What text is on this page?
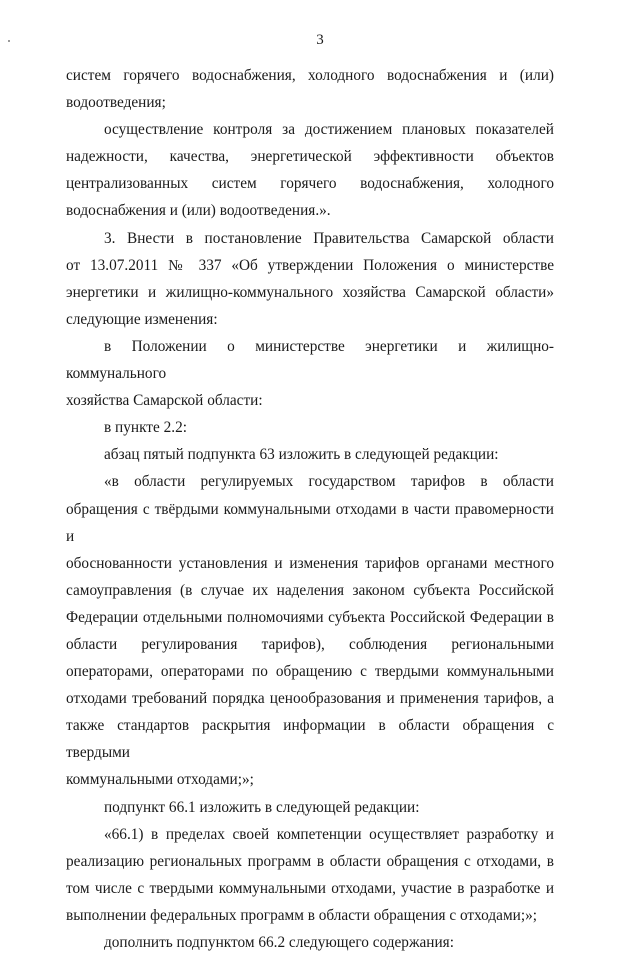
3
систем горячего водоснабжения, холодного водоснабжения и (или)
водоотведения;
осуществление контроля за достижением плановых показателей
надежности, качества, энергетической эффективности объектов
централизованных систем горячего водоснабжения, холодного
водоснабжения и (или) водоотведения.».
3. Внести в постановление Правительства Самарской области
от 13.07.2011 № 337 «Об утверждении Положения о министерстве
энергетики и жилищно-коммунального хозяйства Самарской области»
следующие изменения:
в Положении о министерстве энергетики и жилищно-коммунального
хозяйства Самарской области:
в пункте 2.2:
абзац пятый подпункта 63 изложить в следующей редакции:
«в области регулируемых государством тарифов в области
обращения с твёрдыми коммунальными отходами в части правомерности и
обоснованности установления и изменения тарифов органами местного
самоуправления (в случае их наделения законом субъекта Российской
Федерации отдельными полномочиями субъекта Российской Федерации в
области регулирования тарифов), соблюдения региональными
операторами, операторами по обращению с твердыми коммунальными
отходами требований порядка ценообразования и применения тарифов, а
также стандартов раскрытия информации в области обращения с твердыми
коммунальными отходами;»;
подпункт 66.1 изложить в следующей редакции:
«66.1) в пределах своей компетенции осуществляет разработку и
реализацию региональных программ в области обращения с отходами, в
том числе с твердыми коммунальными отходами, участие в разработке и
выполнении федеральных программ в области обращения с отходами;»;
дополнить подпунктом 66.2 следующего содержания:
